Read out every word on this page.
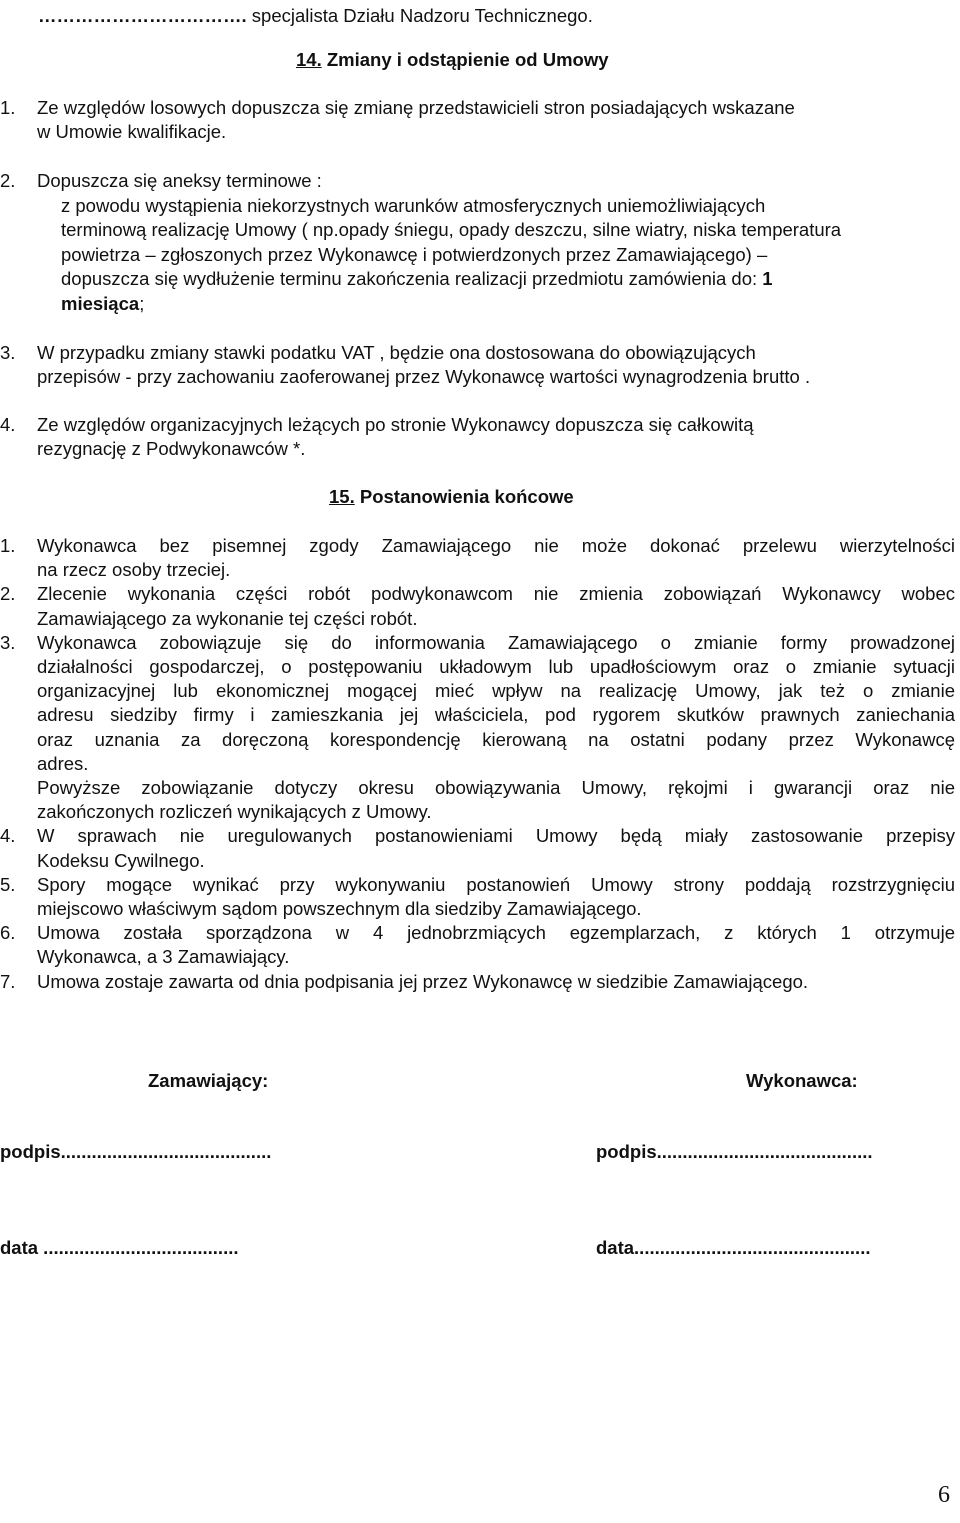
……………………………. specjalista Działu Nadzoru Technicznego.
14. Zmiany i odstąpienie od Umowy
1. Ze względów losowych dopuszcza się zmianę przedstawicieli stron posiadających wskazane
w Umowie kwalifikacje.
2. Dopuszcza się aneksy terminowe :
z powodu wystąpienia niekorzystnych warunków atmosferycznych uniemożliwiających
terminową realizację Umowy ( np.opady śniegu, opady deszczu, silne wiatry, niska temperatura
powietrza – zgłoszonych przez Wykonawcę i potwierdzonych przez Zamawiającego) –
dopuszcza się wydłużenie terminu zakończenia realizacji przedmiotu zamówienia do: 1
miesiąca;
3. W przypadku zmiany stawki podatku VAT , będzie ona dostosowana do obowiązujących
przepisów - przy zachowaniu zaoferowanej przez Wykonawcę wartości wynagrodzenia brutto .
4. Ze względów organizacyjnych leżących po stronie Wykonawcy dopuszcza się całkowitą
rezygnację z Podwykonawców *.
15. Postanowienia końcowe
1. Wykonawca bez pisemnej zgody Zamawiającego nie może dokonać przelewu wierzytelności
na rzecz osoby trzeciej.
2. Zlecenie wykonania części robót podwykonawcom nie zmienia zobowiązań Wykonawcy wobec
Zamawiającego za wykonanie tej części robót.
3. Wykonawca zobowiązuje się do informowania Zamawiającego o zmianie formy prowadzonej
działalności gospodarczej, o postępowaniu układowym lub upadłościowym oraz o zmianie sytuacji
organizacyjnej lub ekonomicznej mogącej mieć wpływ na realizację Umowy, jak też o zmianie
adresu siedziby firmy i zamieszkania jej właściciela, pod rygorem skutków prawnych zaniechania
oraz uznania za doręczoną korespondencję kierowaną na ostatni podany przez Wykonawcę
adres.
Powyższe zobowiązanie dotyczy okresu obowiązywania Umowy, rękojmi i gwarancji oraz nie
zakończonych rozliczeń wynikających z Umowy.
4. W sprawach nie uregulowanych postanowieniami Umowy będą miały zastosowanie przepisy
Kodeksu Cywilnego.
5. Spory mogące wynikać przy wykonywaniu postanowień Umowy strony poddają rozstrzygnięciu
miejscowo właściwym sądom powszechnym dla siedziby Zamawiającego.
6. Umowa została sporządzona w 4 jednobrzmiących egzemplarzach, z których 1 otrzymuje
Wykonawca, a 3 Zamawiający.
7. Umowa zostaje zawarta od dnia podpisania jej przez Wykonawcę w siedzibie Zamawiającego.
Zamawiający:	Wykonawca:
podpis.........................................	podpis..........................................
data ......................................	data..............................................
6
